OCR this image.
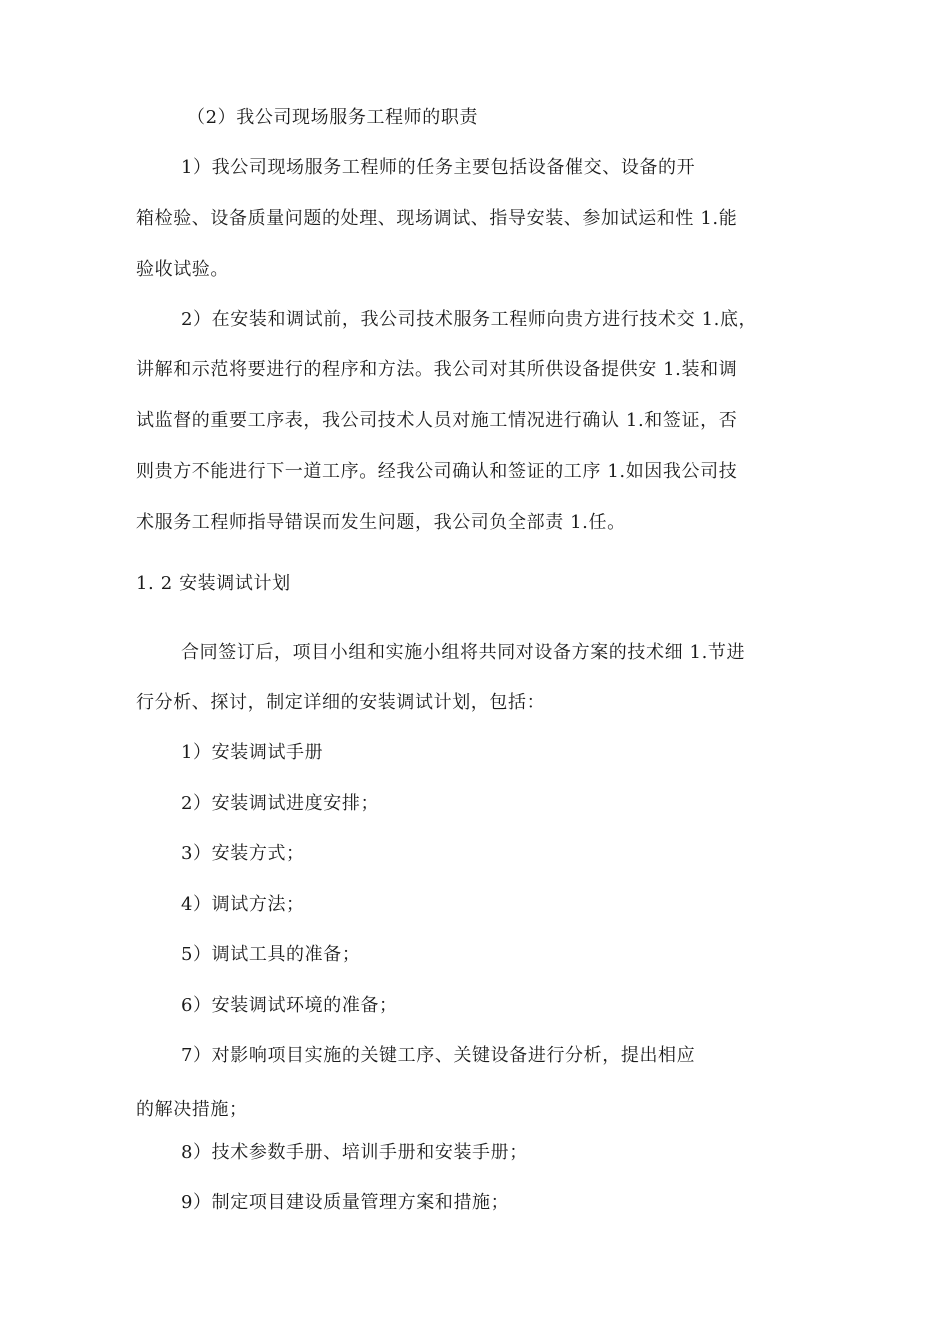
（2）我公司现场服务工程师的职责
1）我公司现场服务工程师的任务主要包括设备催交、设备的开
箱检验、设备质量问题的处理、现场调试、指导安装、参加试运和性 1.能
验收试验。
2）在安装和调试前，我公司技术服务工程师向贵方进行技术交 1.底，
讲解和示范将要进行的程序和方法。我公司对其所供设备提供安 1.装和调
试监督的重要工序表，我公司技术人员对施工情况进行确认 1.和签证，否
则贵方不能进行下一道工序。经我公司确认和签证的工序 1.如因我公司技
术服务工程师指导错误而发生问题，我公司负全部责 1.任。
1. 2 安装调试计划
合同签订后，项目小组和实施小组将共同对设备方案的技术细 1.节进
行分析、探讨，制定详细的安装调试计划，包括：
1）安装调试手册
2）安装调试进度安排；
3）安装方式；
4）调试方法；
5）调试工具的准备；
6）安装调试环境的准备；
7）对影响项目实施的关键工序、关键设备进行分析，提出相应
的解决措施；
8）技术参数手册、培训手册和安装手册；
9）制定项目建设质量管理方案和措施；
